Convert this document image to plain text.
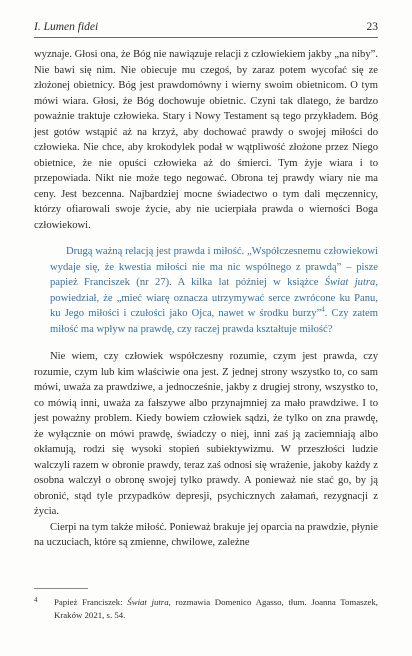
I. Lumen fidei	23

wyznaje. Głosi ona, że Bóg nie nawiązuje relacji z człowiekiem jakby „na niby”. Nie bawi się nim. Nie obiecuje mu czegoś, by zaraz potem wycofać się ze złożonej obietnicy. Bóg jest prawdomówny i wierny swoim obietnicom. O tym mówi wiara. Głosi, że Bóg dochowuje obietnic. Czyni tak dlatego, że bardzo poważnie traktuje człowieka. Stary i Nowy Testament są tego przykładem. Bóg jest gotów wstąpić aż na krzyż, aby dochować prawdy o swojej miłości do człowieka. Nie chce, aby krokodylek podał w wątpliwość złożone przez Niego obietnice, że nie opuści człowieka aż do śmierci. Tym żyje wiara i to przepowiada. Nikt nie może tego negować. Obrona tej prawdy wiary nie ma ceny. Jest bezcenna. Najbardziej mocne świadectwo o tym dali męczennicy, którzy ofiarowali swoje życie, aby nie ucierpiała prawda o wierności Boga człowiekowi.

Drugą ważną relacją jest prawda i miłość. „Współczesnemu człowiekowi wydaje się, że kwestia miłości nie ma nic wspólnego z prawdą” – pisze papież Franciszek (nr 27). A kilka lat później w książce Świat jutra, powiedział, że „mieć wiarę oznacza utrzymywać serce zwrócone ku Panu, ku Jego miłości i czułości jako Ojca, nawet w środku burzy”$^4$. Czy zatem miłość ma wpływ na prawdę, czy raczej prawda kształtuje miłość?

Nie wiem, czy człowiek współczesny rozumie, czym jest prawda, czy rozumie, czym lub kim właściwie ona jest. Z jednej strony wszystko to, co sam mówi, uważa za prawdziwe, a jednocześnie, jakby z drugiej strony, wszystko to, co mówią inni, uważa za fałszywe albo przynajmniej za mało prawdziwe. I to jest poważny problem. Kiedy bowiem człowiek sądzi, że tylko on zna prawdę, że wyłącznie on mówi prawdę, świadczy o niej, inni zaś ją zaciemniają albo okłamują, rodzi się wysoki stopień subiektywizmu. W przeszłości ludzie walczyli razem w obronie prawdy, teraz zaś odnosi się wrażenie, jakoby każdy z osobna walczył o obronę swojej tylko prawdy. A ponieważ nie stać go, by ją obronić, stąd tyle przypadków depresji, psychicznych załamań, rezygnacji z życia.

Cierpi na tym także miłość. Ponieważ brakuje jej oparcia na prawdzie, płynie na uczuciach, które są zmienne, chwilowe, zależne

4	Papież Franciszek: Świat jutra, rozmawia Domenico Agasso, tłum. Joanna Tomaszek, Kraków 2021, s. 54.
